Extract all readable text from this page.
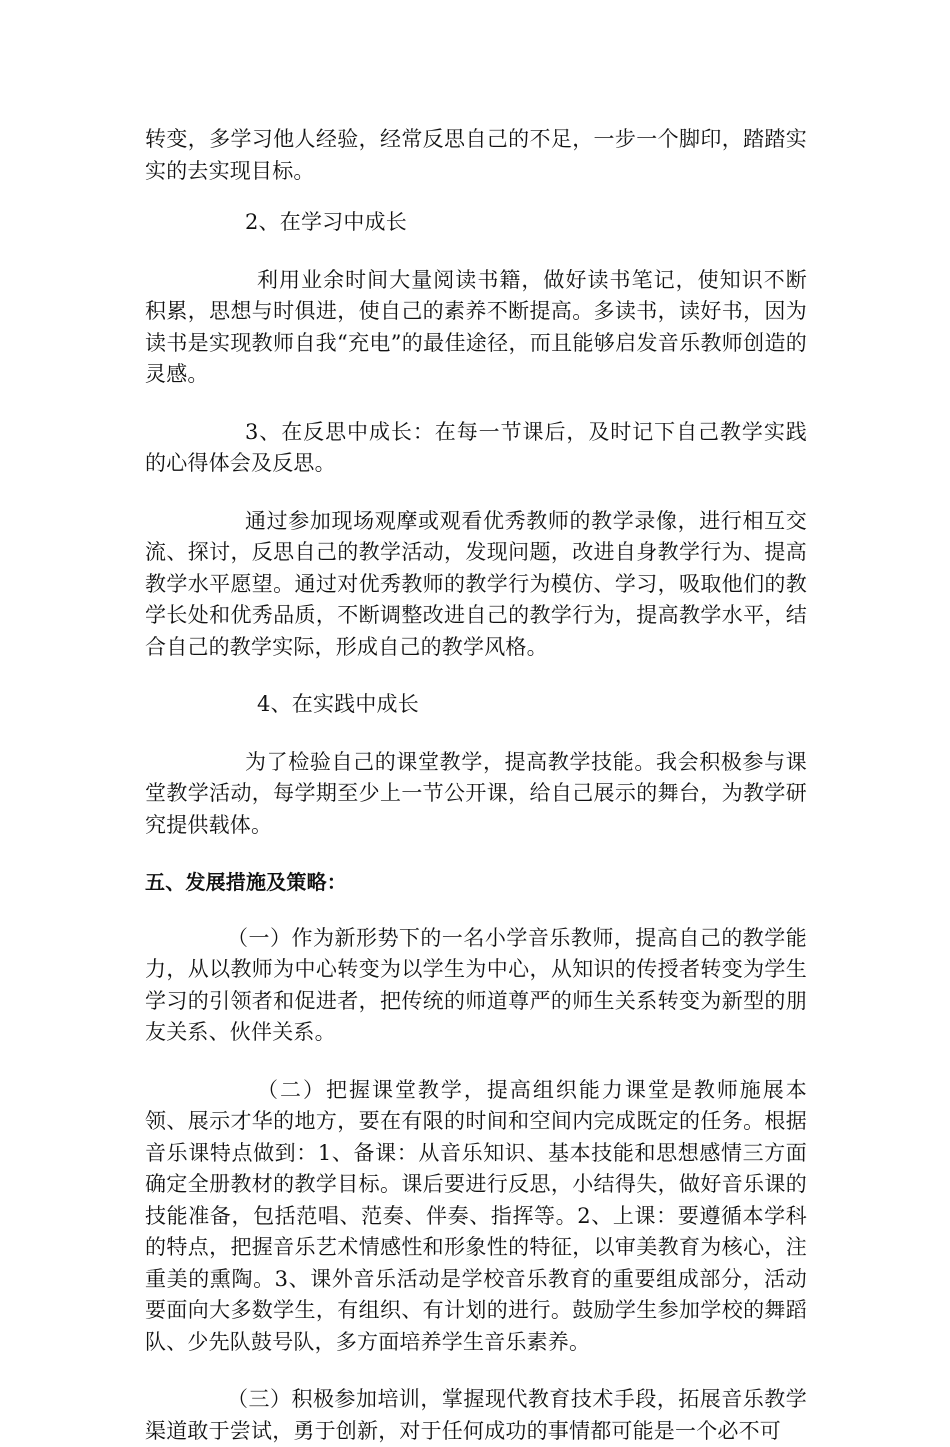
转变，多学习他人经验，经常反思自己的不足，一步一个脚印，踏踏实实的去实现目标。

2、在学习中成长

利用业余时间大量阅读书籍，做好读书笔记，使知识不断积累，思想与时俱进，使自己的素养不断提高。多读书，读好书，因为读书是实现教师自我“充电”的最佳途径，而且能够启发音乐教师创造的灵感。

3、在反思中成长：在每一节课后，及时记下自己教学实践的心得体会及反思。

通过参加现场观摩或观看优秀教师的教学录像，进行相互交流、探讨，反思自己的教学活动，发现问题，改进自身教学行为、提高教学水平愿望。通过对优秀教师的教学行为模仿、学习，吸取他们的教学长处和优秀品质，不断调整改进自己的教学行为，提高教学水平，结合自己的教学实际，形成自己的教学风格。

4、在实践中成长

为了检验自己的课堂教学，提高教学技能。我会积极参与课堂教学活动，每学期至少上一节公开课，给自己展示的舞台，为教学研究提供载体。

五、发展措施及策略：

（一）作为新形势下的一名小学音乐教师，提高自己的教学能力，从以教师为中心转变为以学生为中心，从知识的传授者转变为学生学习的引领者和促进者，把传统的师道尊严的师生关系转变为新型的朋友关系、伙伴关系。

（二）把握课堂教学，提高组织能力课堂是教师施展本领、展示才华的地方，要在有限的时间和空间内完成既定的任务。根据音乐课特点做到：1、备课：从音乐知识、基本技能和思想感情三方面确定全册教材的教学目标。课后要进行反思，小结得失，做好音乐课的技能准备，包括范唱、范奏、伴奏、指挥等。2、上课：要遵循本学科的特点，把握音乐艺术情感性和形象性的特征，以审美教育为核心，注重美的熏陶。3、课外音乐活动是学校音乐教育的重要组成部分，活动要面向大多数学生，有组织、有计划的进行。鼓励学生参加学校的舞蹈队、少先队鼓号队，多方面培养学生音乐素养。

（三）积极参加培训，掌握现代教育技术手段，拓展音乐教学渠道敢于尝试，勇于创新，对于任何成功的事情都可能是一个必不可
